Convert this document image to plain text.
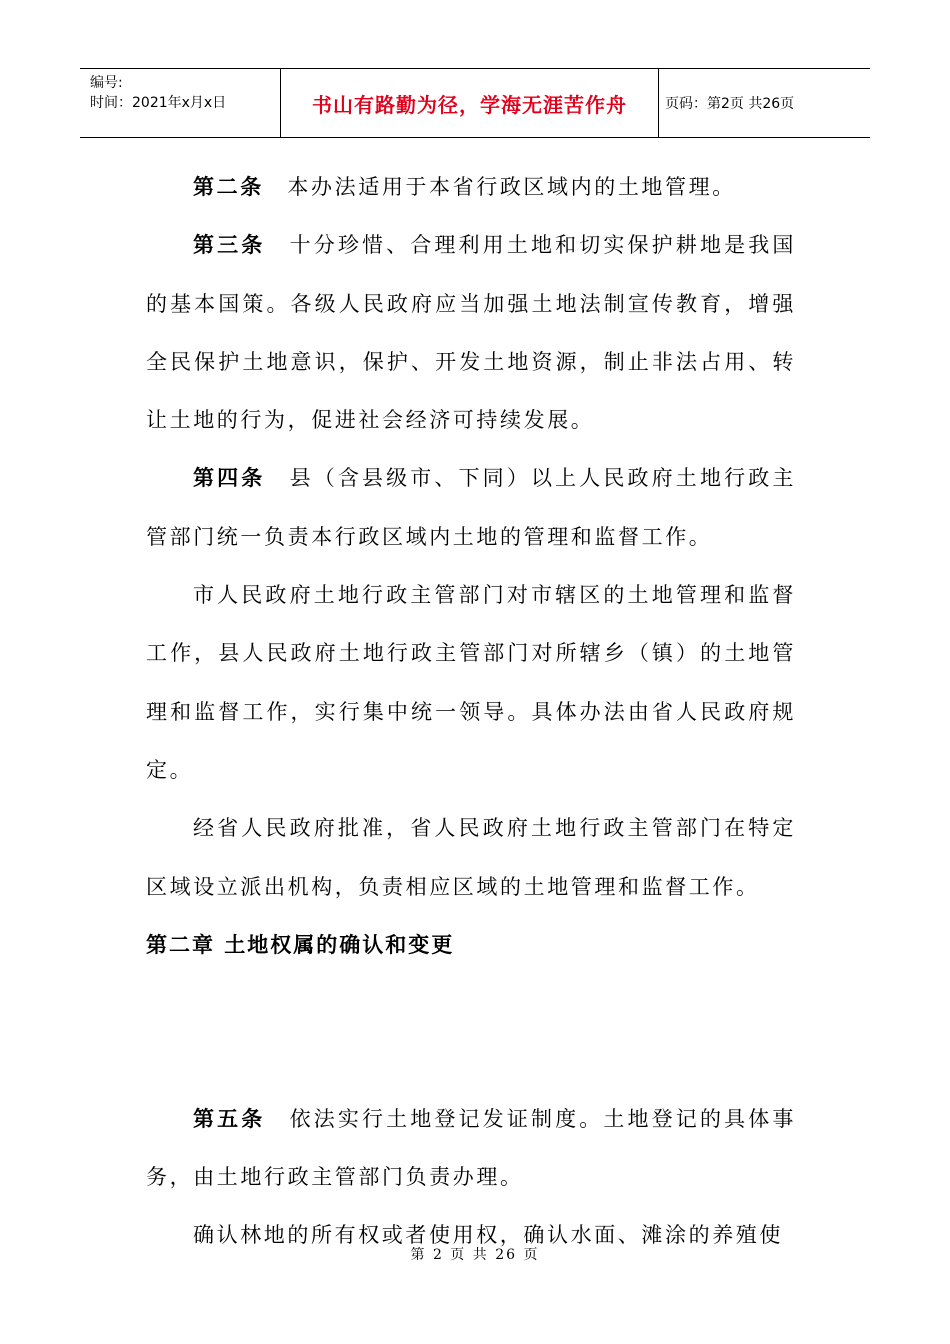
编号:
时间：2021年x月x日	书山有路勤为径，学海无涯苦作舟	页码：第2页 共26页

第二条　 本办法适用于本省行政区域内的土地管理。

第三条　 十分珍惜、合理利用土地和切实保护耕地是我国的基本国策。各级人民政府应当加强土地法制宣传教育，增强全民保护土地意识，保护、开发土地资源，制止非法占用、转让土地的行为，促进社会经济可持续发展。

第四条　 县（含县级市、下同）以上人民政府土地行政主管部门统一负责本行政区域内土地的管理和监督工作。

市人民政府土地行政主管部门对市辖区的土地管理和监督工作，县人民政府土地行政主管部门对所辖乡（镇）的土地管理和监督工作，实行集中统一领导。具体办法由省人民政府规定。

经省人民政府批准，省人民政府土地行政主管部门在特定区域设立派出机构，负责相应区域的土地管理和监督工作。

第二章 土地权属的确认和变更

第五条　 依法实行土地登记发证制度。土地登记的具体事务，由土地行政主管部门负责办理。

确认林地的所有权或者使用权，确认水面、滩涂的养殖使

第 2 页 共 26 页
